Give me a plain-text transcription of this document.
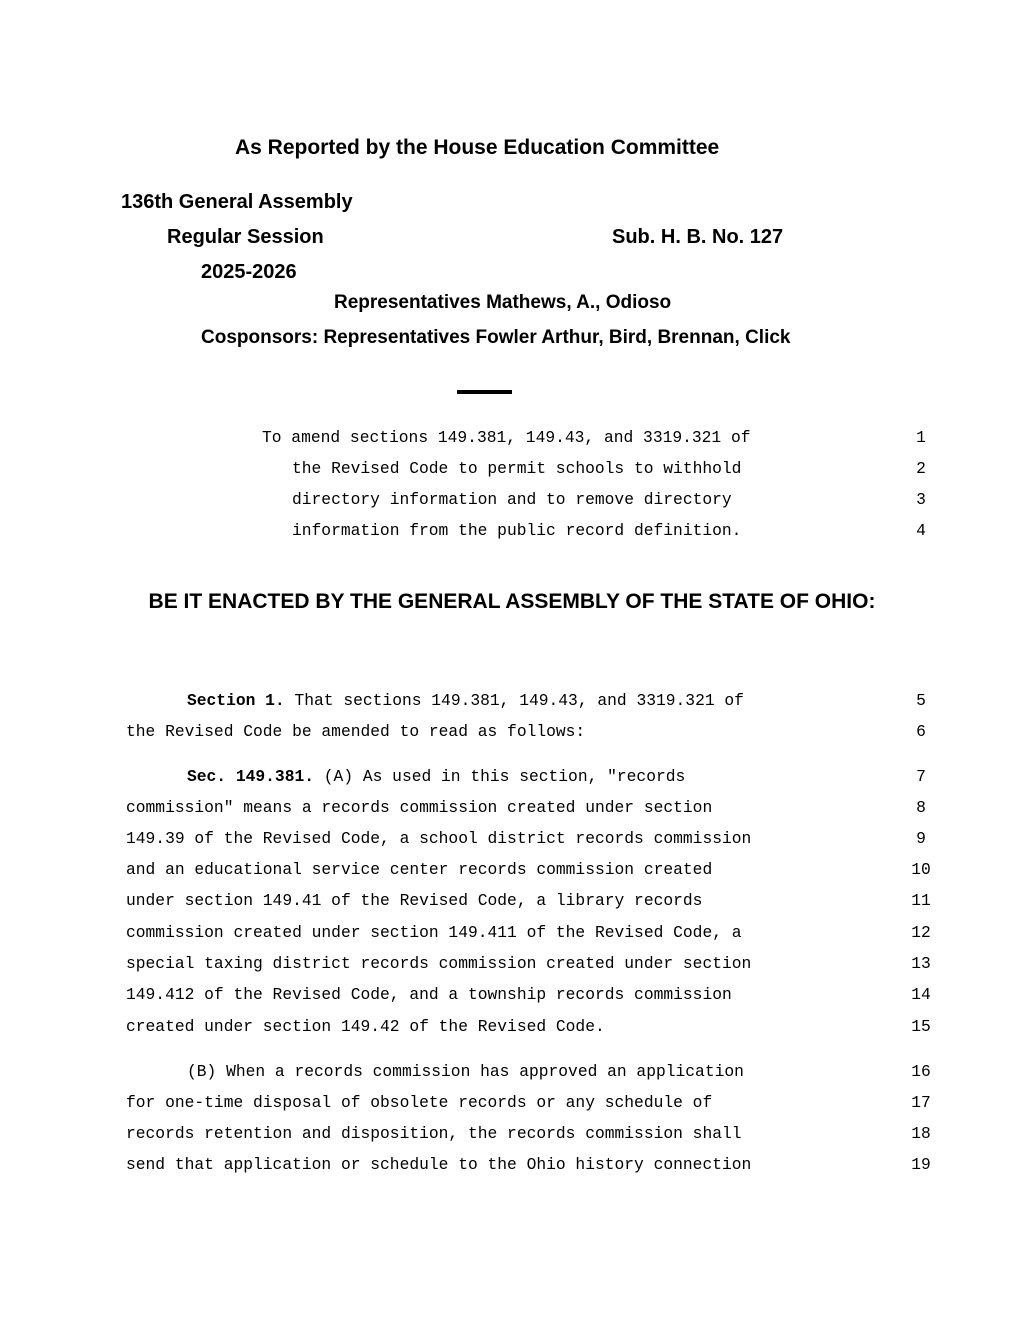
As Reported by the House Education Committee
136th General Assembly
Regular Session	Sub. H. B. No. 127
2025-2026
Representatives Mathews, A., Odioso
Cosponsors: Representatives Fowler Arthur, Bird, Brennan, Click
To amend sections 149.381, 149.43, and 3319.321 of	1
the Revised Code to permit schools to withhold	2
directory information and to remove directory	3
information from the public record definition.	4
BE IT ENACTED BY THE GENERAL ASSEMBLY OF THE STATE OF OHIO:
Section 1. That sections 149.381, 149.43, and 3319.321 of	5
the Revised Code be amended to read as follows:	6
Sec. 149.381. (A) As used in this section, "records	7
commission" means a records commission created under section	8
149.39 of the Revised Code, a school district records commission	9
and an educational service center records commission created	10
under section 149.41 of the Revised Code, a library records	11
commission created under section 149.411 of the Revised Code, a	12
special taxing district records commission created under section	13
149.412 of the Revised Code, and a township records commission	14
created under section 149.42 of the Revised Code.	15
(B) When a records commission has approved an application	16
for one-time disposal of obsolete records or any schedule of	17
records retention and disposition, the records commission shall	18
send that application or schedule to the Ohio history connection	19
